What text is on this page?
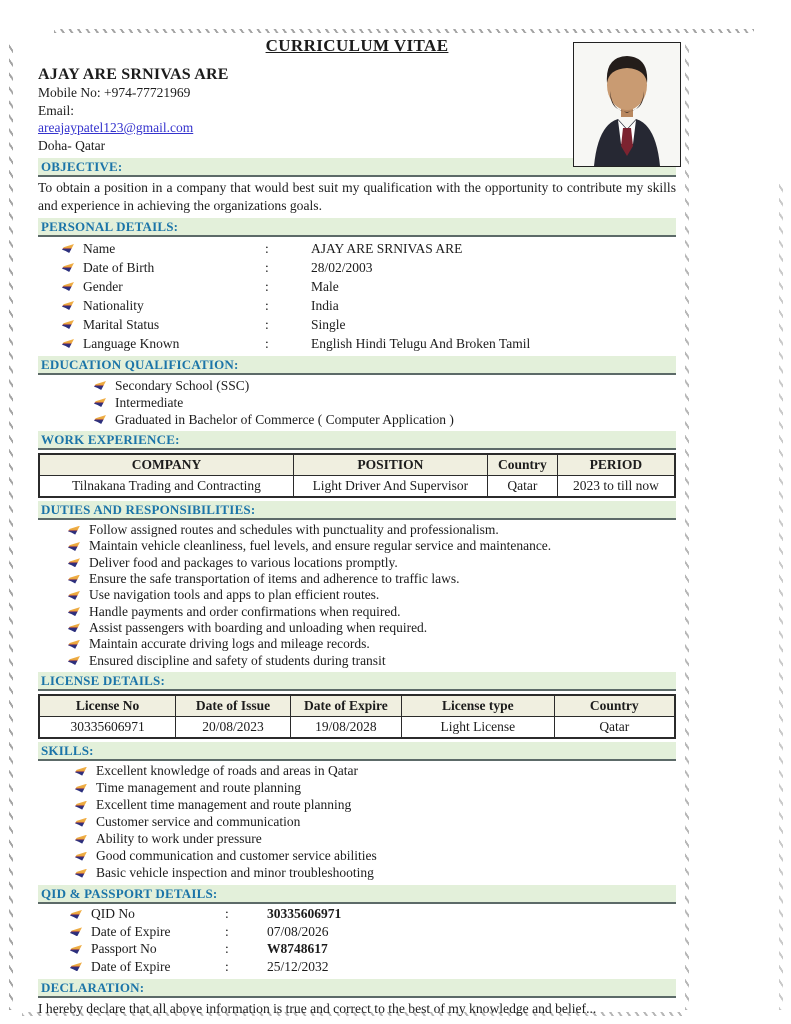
CURRICULUM VITAE
AJAY ARE SRNIVAS ARE
Mobile No: +974-77721969
Email:
areajaypatel123@gmail.com
Doha- Qatar
OBJECTIVE:
To obtain a position in a company that would best suit my qualification with the opportunity to contribute my skills and experience in achieving the organizations goals.
PERSONAL DETAILS:
Name	:	AJAY ARE SRNIVAS ARE
Date of Birth	:	28/02/2003
Gender	:	Male
Nationality	:	India
Marital Status	:	Single
Language Known	:	English Hindi Telugu And Broken Tamil
EDUCATION QUALIFICATION:
Secondary School (SSC)
Intermediate
Graduated in Bachelor of Commerce ( Computer Application )
WORK EXPERIENCE:
COMPANY	POSITION	Country	PERIOD
Tilnakana Trading and Contracting	Light Driver And Supervisor	Qatar	2023 to till now
DUTIES AND RESPONSIBILITIES:
Follow assigned routes and schedules with punctuality and professionalism.
Maintain vehicle cleanliness, fuel levels, and ensure regular service and maintenance.
Deliver food and packages to various locations promptly.
Ensure the safe transportation of items and adherence to traffic laws.
Use navigation tools and apps to plan efficient routes.
Handle payments and order confirmations when required.
Assist passengers with boarding and unloading when required.
Maintain accurate driving logs and mileage records.
Ensured discipline and safety of students during transit
LICENSE DETAILS:
License No	Date of Issue	Date of Expire	License type	Country
30335606971	20/08/2023	19/08/2028	Light License	Qatar
SKILLS:
Excellent knowledge of roads and areas in Qatar
Time management and route planning
Excellent time management and route planning
Customer service and communication
Ability to work under pressure
Good communication and customer service abilities
Basic vehicle inspection and minor troubleshooting
QID & PASSPORT DETAILS:
QID No	:	30335606971
Date of Expire	:	07/08/2026
Passport No	:	W8748617
Date of Expire	:	25/12/2032
DECLARATION:
I hereby declare that all above information is true and correct to the best of my knowledge and belief...
